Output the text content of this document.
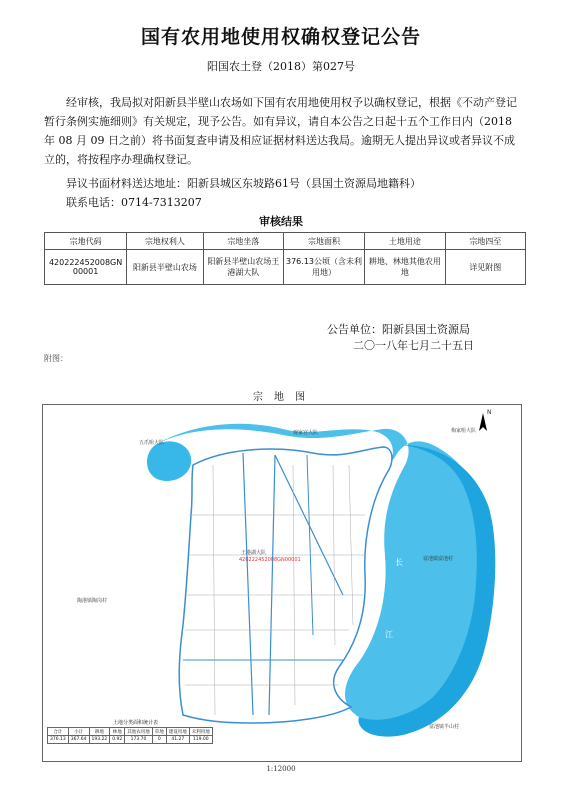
国有农用地使用权确权登记公告
阳国农土登（2018）第027号
经审核，我局拟对阳新县半壁山农场如下国有农用地使用权予以确权登记，根据《不动产登记暂行条例实施细则》有关规定，现予公告。如有异议，请自本公告之日起十五个工作日内（2018年 08 月 09 日之前）将书面复查申请及相应证据材料送达我局。逾期无人提出异议或者异议不成立的，将按程序办理确权登记。
异议书面材料送达地址：阳新县城区东坡路61号（县国土资源局地籍科）
联系电话：0714-7313207
审核结果
宗地代码	宗地权利人	宗地坐落	宗地面积	土地用途	宗地四至
420222452008GN00001	阳新县半壁山农场	阳新县半壁山农场王港湖大队	376.13公顷（含未利用地）	耕地、林地其他农用地	详见附图
公告单位：阳新县国土资源局
二〇一八年七月二十五日
附图：
宗 地 图
N
五爪咀大队
观家宫大队	梅家咀大队
富池镇富池村
王港湖大队
420222452008GN00001
陶港镇陶岗村
富池镇半山村
长
江
土地分类面积统计表
合计	小计	耕地	林地	其他农用地	草地	建设用地	未利用地
376.13	367.64	193.22	0.92	173.70	0	41.27	119.00
1:12000
